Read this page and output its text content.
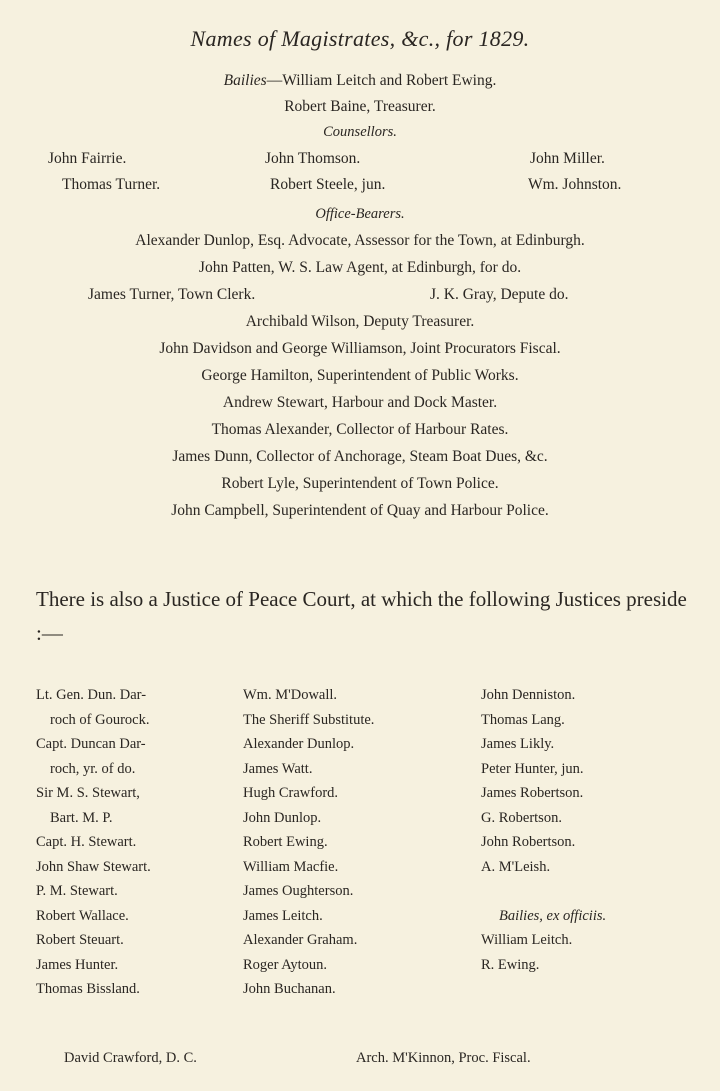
Names of Magistrates, &c., for 1829.
Bailies—William Leitch and Robert Ewing.
Robert Baine, Treasurer.
Counsellors.
John Fairrie.	John Thomson.	John Miller.
Thomas Turner.	Robert Steele, jun.	Wm. Johnston.
Office-Bearers.
Alexander Dunlop, Esq. Advocate, Assessor for the Town, at Edinburgh.
John Patten, W. S. Law Agent, at Edinburgh, for do.
James Turner, Town Clerk.	J. K. Gray, Depute do.
Archibald Wilson, Deputy Treasurer.
John Davidson and George Williamson, Joint Procurators Fiscal.
George Hamilton, Superintendent of Public Works.
Andrew Stewart, Harbour and Dock Master.
Thomas Alexander, Collector of Harbour Rates.
James Dunn, Collector of Anchorage, Steam Boat Dues, &c.
Robert Lyle, Superintendent of Town Police.
John Campbell, Superintendent of Quay and Harbour Police.
There is also a Justice of Peace Court, at which the following Justices preside :—
Lt. Gen. Dun. Dar-
roch of Gourock.
Capt. Duncan Dar-
roch, yr. of do.
Sir M. S. Stewart,
Bart. M. P.
Capt. H. Stewart.
John Shaw Stewart.
P. M. Stewart.
Robert Wallace.
Robert Steuart.
James Hunter.
Thomas Bissland.
Wm. M'Dowall.
The Sheriff Substitute.
Alexander Dunlop.
James Watt.
Hugh Crawford.
John Dunlop.
Robert Ewing.
William Macfie.
James Oughterson.
James Leitch.
Alexander Graham.
Roger Aytoun.
John Buchanan.
John Denniston.
Thomas Lang.
James Likly.
Peter Hunter, jun.
James Robertson.
G. Robertson.
John Robertson.
A. M'Leish.
Bailies, ex officiis.
William Leitch.
R. Ewing.
David Crawford, D. C.	Arch. M'Kinnon, Proc. Fiscal.
